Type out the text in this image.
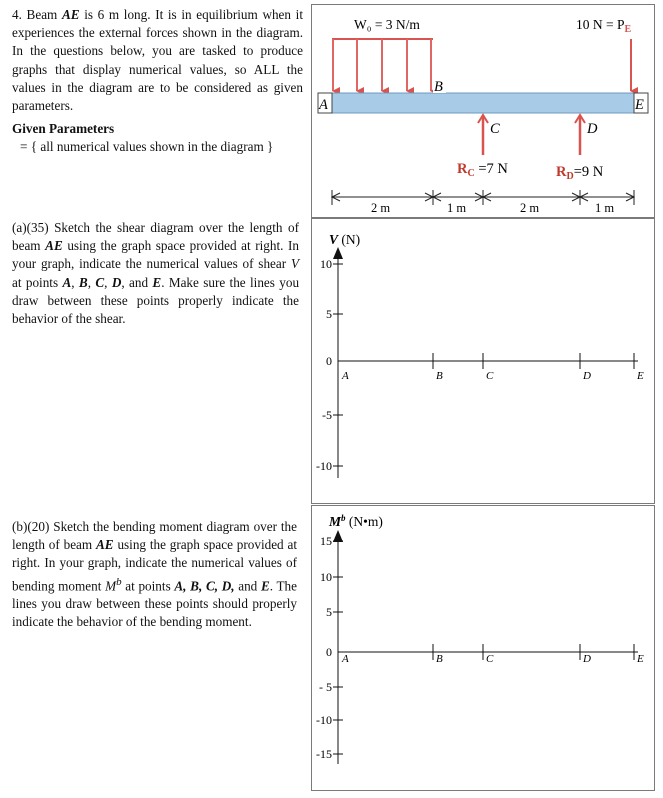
4. Beam AE is 6 m long. It is in equilibrium when it experiences the external forces shown in the diagram. In the questions below, you are tasked to produce graphs that display numerical values, so ALL the values in the diagram are to be considered as given parameters.
Given Parameters
= { all numerical values shown in the diagram }
(a)(35) Sketch the shear diagram over the length of beam AE using the graph space provided at right. In your graph, indicate the numerical values of shear V at points A, B, C, D, and E. Make sure the lines you draw between these points properly indicate the behavior of the shear.
(b)(20) Sketch the bending moment diagram over the length of beam AE using the graph space provided at right. In your graph, indicate the numerical values of bending moment $M^b$ at points A, B, C, D, and E. The lines you draw between these points should properly indicate the behavior of the bending moment.
W₀ = 3 N/m	10 $N = P_E$
A	E
B
C	D
$R_C =7$ N	$R_D=9$ N
2 m	1 m	2 m	1 m
V (N)
10
5
0
-5
-10
A	B	C	D	E
$M^b$ (N•m)
15
10
5
0
- 5
-10
-15
A	B	C	D	E
